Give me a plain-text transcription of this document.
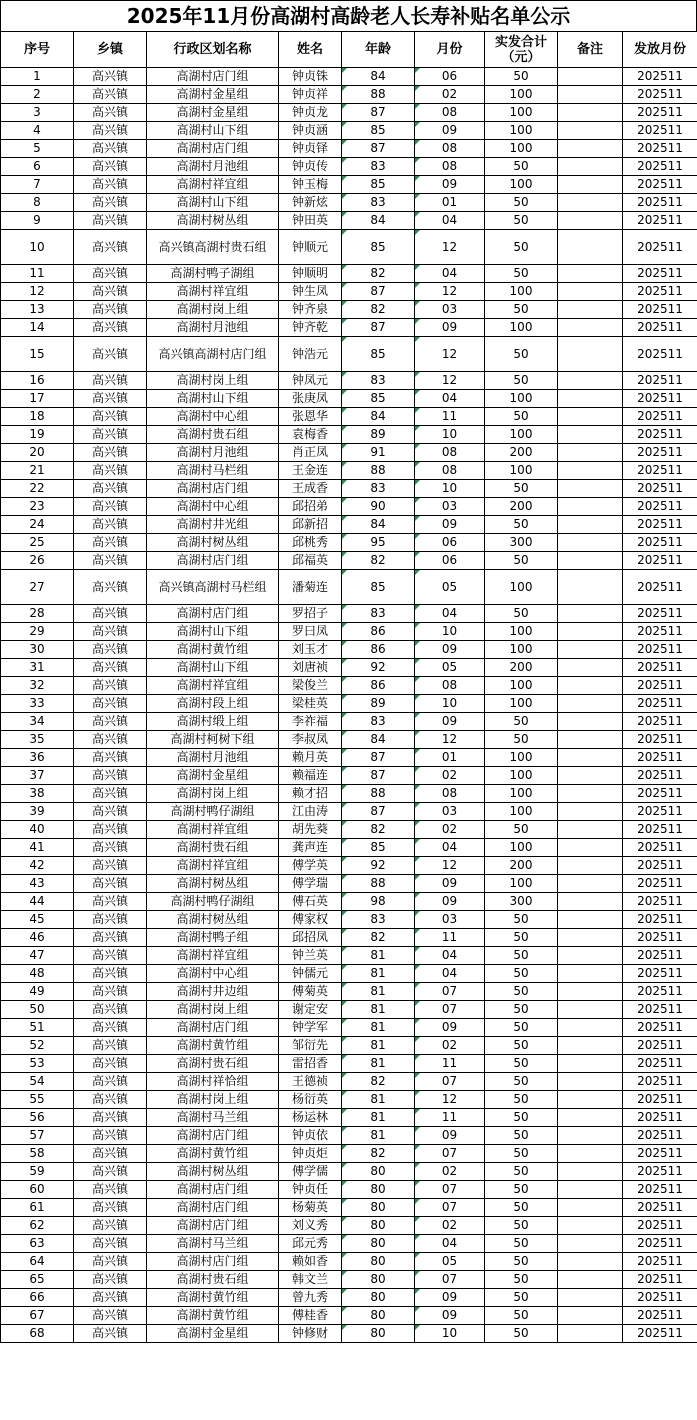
2025年11月份高湖村高龄老人长寿补贴名单公示
序号	乡镇	行政区划名称	姓名	年龄	月份	实发合计（元）	备注	发放月份
1	高兴镇	高湖村店门组	钟贞铢	84	06	50		202511
2	高兴镇	高湖村金星组	钟贞祥	88	02	100		202511
3	高兴镇	高湖村金星组	钟贞龙	87	08	100		202511
4	高兴镇	高湖村山下组	钟贞涵	85	09	100		202511
5	高兴镇	高湖村店门组	钟贞铎	87	08	100		202511
6	高兴镇	高湖村月池组	钟贞传	83	08	50		202511
7	高兴镇	高湖村祥宜组	钟玉梅	85	09	100		202511
8	高兴镇	高湖村山下组	钟新炫	83	01	50		202511
9	高兴镇	高湖村树丛组	钟田英	84	04	50		202511
10	高兴镇	高兴镇高湖村贵石组	钟顺元	85	12	50		202511
11	高兴镇	高湖村鸭子湖组	钟顺明	82	04	50		202511
12	高兴镇	高湖村祥宜组	钟生凤	87	12	100		202511
13	高兴镇	高湖村岗上组	钟齐泉	82	03	50		202511
14	高兴镇	高湖村月池组	钟齐乾	87	09	100		202511
15	高兴镇	高兴镇高湖村店门组	钟浩元	85	12	50		202511
16	高兴镇	高湖村岗上组	钟凤元	83	12	50		202511
17	高兴镇	高湖村山下组	张庚凤	85	04	100		202511
18	高兴镇	高湖村中心组	张恩华	84	11	50		202511
19	高兴镇	高湖村贵石组	袁梅香	89	10	100		202511
20	高兴镇	高湖村月池组	肖正凤	91	08	200		202511
21	高兴镇	高湖村马栏组	王金连	88	08	100		202511
22	高兴镇	高湖村店门组	王成香	83	10	50		202511
23	高兴镇	高湖村中心组	邱招弟	90	03	200		202511
24	高兴镇	高湖村井光组	邱新招	84	09	50		202511
25	高兴镇	高湖村树丛组	邱桃秀	95	06	300		202511
26	高兴镇	高湖村店门组	邱福英	82	06	50		202511
27	高兴镇	高兴镇高湖村马栏组	潘菊连	85	05	100		202511
28	高兴镇	高湖村店门组	罗招子	83	04	50		202511
29	高兴镇	高湖村山下组	罗曰凤	86	10	100		202511
30	高兴镇	高湖村黄竹组	刘玉才	86	09	100		202511
31	高兴镇	高湖村山下组	刘唐祯	92	05	200		202511
32	高兴镇	高湖村祥宜组	梁俊兰	86	08	100		202511
33	高兴镇	高湖村段上组	梁桂英	89	10	100		202511
34	高兴镇	高湖村缎上组	李祚福	83	09	50		202511
35	高兴镇	高湖村柯树下组	李叔凤	84	12	50		202511
36	高兴镇	高湖村月池组	赖月英	87	01	100		202511
37	高兴镇	高湖村金星组	赖福连	87	02	100		202511
38	高兴镇	高湖村岗上组	赖才招	88	08	100		202511
39	高兴镇	高湖村鸭仔湖组	江由涛	87	03	100		202511
40	高兴镇	高湖村祥宜组	胡先葵	82	02	50		202511
41	高兴镇	高湖村贵石组	龚声连	85	04	100		202511
42	高兴镇	高湖村祥宜组	傅学英	92	12	200		202511
43	高兴镇	高湖村树丛组	傅学瑞	88	09	100		202511
44	高兴镇	高湖村鸭仔湖组	傅石英	98	09	300		202511
45	高兴镇	高湖村树丛组	傅家权	83	03	50		202511
46	高兴镇	高湖村鸭子组	邱招凤	82	11	50		202511
47	高兴镇	高湖村祥宜组	钟兰英	81	04	50		202511
48	高兴镇	高湖村中心组	钟儒元	81	04	50		202511
49	高兴镇	高湖村井边组	傅菊英	81	07	50		202511
50	高兴镇	高湖村岗上组	谢定安	81	07	50		202511
51	高兴镇	高湖村店门组	钟学军	81	09	50		202511
52	高兴镇	高湖村黄竹组	邹衍先	81	02	50		202511
53	高兴镇	高湖村贵石组	雷招香	81	11	50		202511
54	高兴镇	高湖村祥恰组	王德祯	82	07	50		202511
55	高兴镇	高湖村岗上组	杨衍英	81	12	50		202511
56	高兴镇	高湖村马兰组	杨运林	81	11	50		202511
57	高兴镇	高湖村店门组	钟贞依	81	09	50		202511
58	高兴镇	高湖村黄竹组	钟贞炬	82	07	50		202511
59	高兴镇	高湖村树丛组	傅学儒	80	02	50		202511
60	高兴镇	高湖村店门组	钟贞任	80	07	50		202511
61	高兴镇	高湖村店门组	杨菊英	80	07	50		202511
62	高兴镇	高湖村店门组	刘义秀	80	02	50		202511
63	高兴镇	高湖村马兰组	邱元秀	80	04	50		202511
64	高兴镇	高湖村店门组	赖如香	80	05	50		202511
65	高兴镇	高湖村贵石组	韩文兰	80	07	50		202511
66	高兴镇	高湖村黄竹组	曾九秀	80	09	50		202511
67	高兴镇	高湖村黄竹组	傅桂香	80	09	50		202511
68	高兴镇	高湖村金星组	钟修财	80	10	50		202511
